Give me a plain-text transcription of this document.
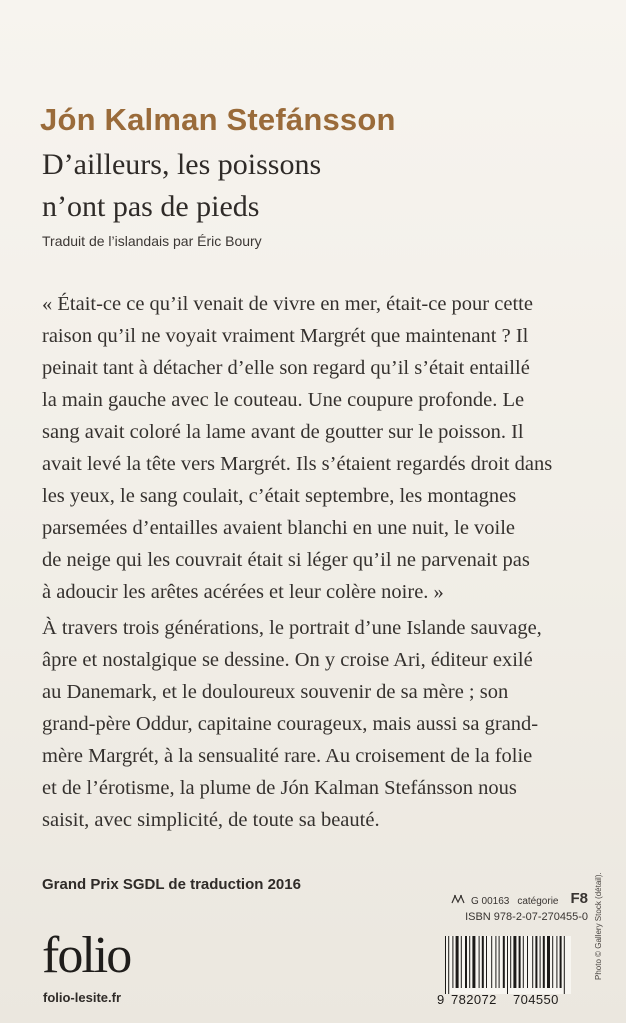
Jón Kalman Stefánsson
D’ailleurs, les poissons
n’ont pas de pieds
Traduit de l’islandais par Éric Boury
« Était-ce ce qu’il venait de vivre en mer, était-ce pour cette
raison qu’il ne voyait vraiment Margrét que maintenant ? Il
peinait tant à détacher d’elle son regard qu’il s’était entaillé
la main gauche avec le couteau. Une coupure profonde. Le
sang avait coloré la lame avant de goutter sur le poisson. Il
avait levé la tête vers Margrét. Ils s’étaient regardés droit dans
les yeux, le sang coulait, c’était septembre, les montagnes
parsemées d’entailles avaient blanchi en une nuit, le voile
de neige qui les couvrait était si léger qu’il ne parvenait pas
à adoucir les arêtes acérées et leur colère noire. »
À travers trois générations, le portrait d’une Islande sauvage,
âpre et nostalgique se dessine. On y croise Ari, éditeur exilé
au Danemark, et le douloureux souvenir de sa mère ; son
grand-père Oddur, capitaine courageux, mais aussi sa grand-
mère Margrét, à la sensualité rare. Au croisement de la folie
et de l’érotisme, la plume de Jón Kalman Stefánsson nous
saisit, avec simplicité, de toute sa beauté.
Grand Prix SGDL de traduction 2016
folio
folio-lesite.fr
G 00163 catégorie F8
ISBN 978-2-07-270455-0
9 782072 704550
Photo © Gallery Stock (détail).
